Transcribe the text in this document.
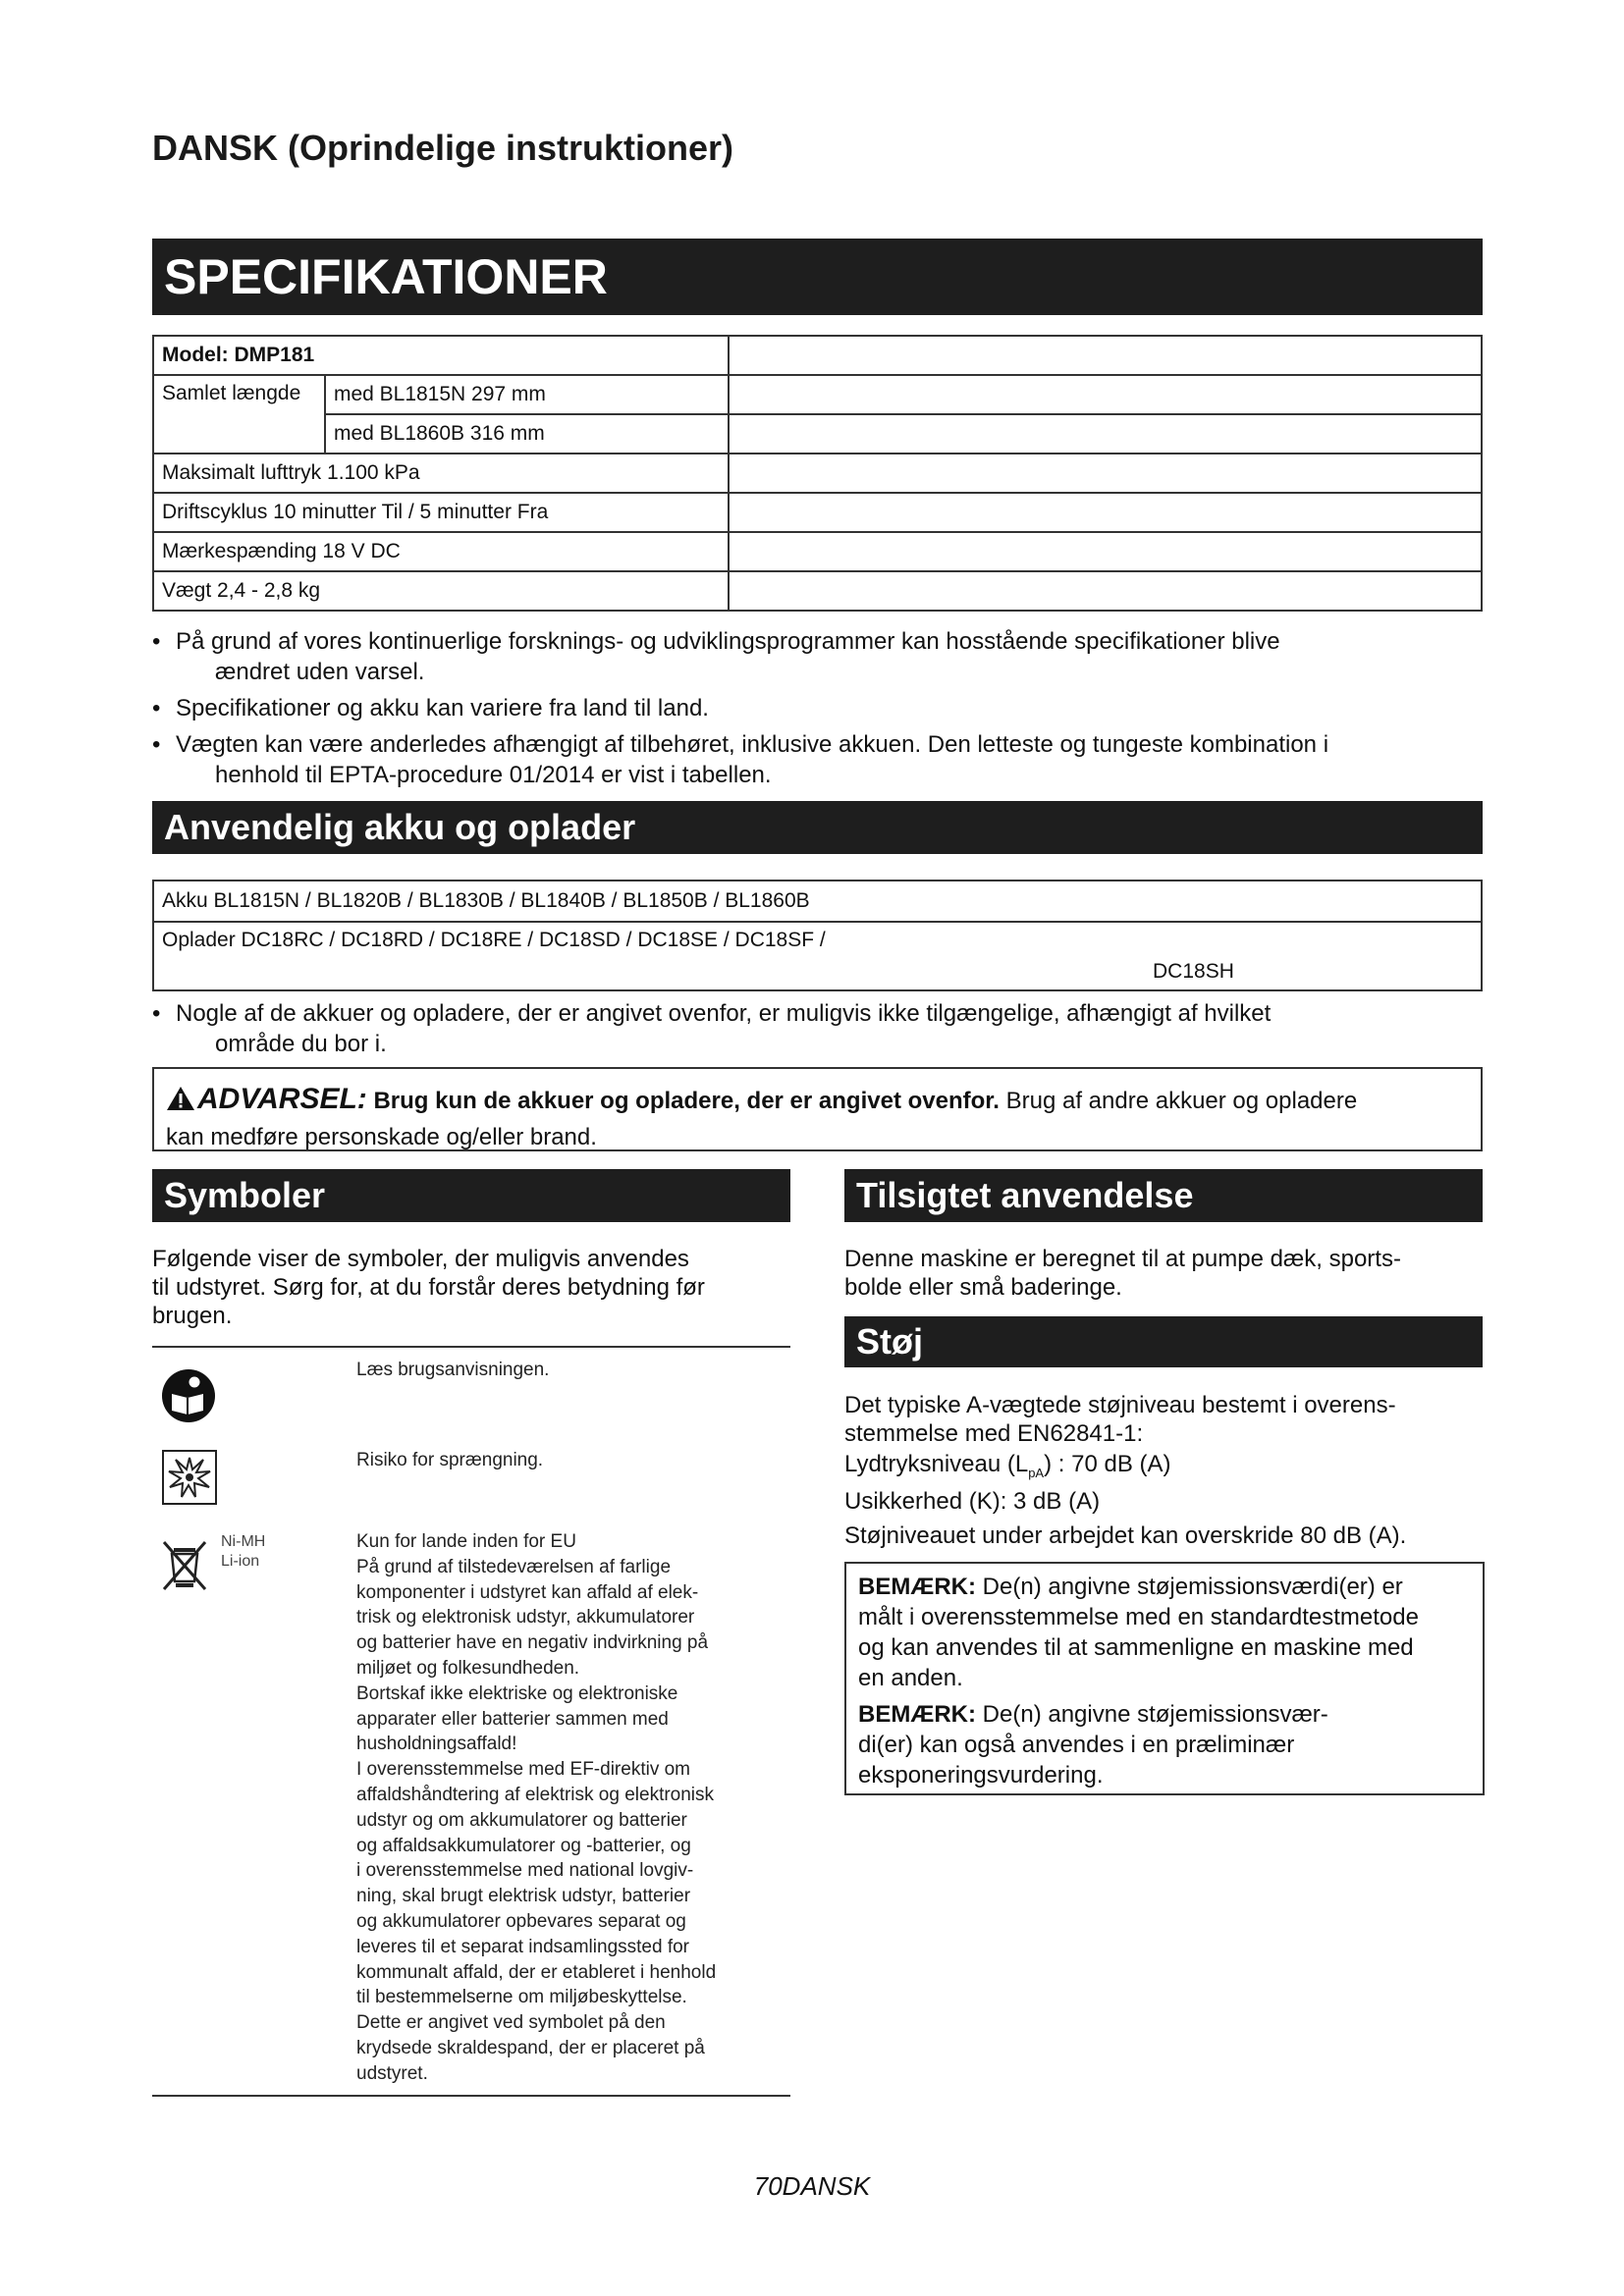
DANSK (Oprindelige instruktioner)
SPECIFIKATIONER
Model: DMP181		
Samlet længde	med BL1815N 297 mm	
	med BL1860B 316 mm	
Maksimalt lufttryk 1.100 kPa		
Driftscyklus 10 minutter Til / 5 minutter Fra		
Mærkespænding 18 V DC		
Vægt 2,4 - 2,8 kg		
• På grund af vores kontinuerlige forsknings- og udviklingsprogrammer kan hosstående specifikationer blive
ændret uden varsel.
• Specifikationer og akku kan variere fra land til land.
• Vægten kan være anderledes afhængigt af tilbehøret, inklusive akkuen. Den letteste og tungeste kombination i
henhold til EPTA-procedure 01/2014 er vist i tabellen.
Anvendelig akku og oplader
Akku BL1815N / BL1820B / BL1830B / BL1840B / BL1850B / BL1860B
Oplader DC18RC / DC18RD / DC18RE / DC18SD / DC18SE / DC18SF /
DC18SH
• Nogle af de akkuer og opladere, der er angivet ovenfor, er muligvis ikke tilgængelige, afhængigt af hvilket
område du bor i.
ADVARSEL: Brug kun de akkuer og opladere, der er angivet ovenfor. Brug af andre akkuer og opladere
kan medføre personskade og/eller brand.
Symboler
Følgende viser de symboler, der muligvis anvendes
til udstyret. Sørg for, at du forstår deres betydning før
brugen.
Læs brugsanvisningen.
Risiko for sprængning.
Ni-MH
Li-ion
Kun for lande inden for EU
På grund af tilstedeværelsen af farlige
komponenter i udstyret kan affald af elek-
trisk og elektronisk udstyr, akkumulatorer
og batterier have en negativ indvirkning på
miljøet og folkesundheden.
Bortskaf ikke elektriske og elektroniske
apparater eller batterier sammen med
husholdningsaffald!
I overensstemmelse med EF-direktiv om
affaldshåndtering af elektrisk og elektronisk
udstyr og om akkumulatorer og batterier
og affaldsakkumulatorer og -batterier, og
i overensstemmelse med national lovgiv-
ning, skal brugt elektrisk udstyr, batterier
og akkumulatorer opbevares separat og
leveres til et separat indsamlingssted for
kommunalt affald, der er etableret i henhold
til bestemmelserne om miljøbeskyttelse.
Dette er angivet ved symbolet på den
krydsede skraldespand, der er placeret på
udstyret.
Tilsigtet anvendelse
Denne maskine er beregnet til at pumpe dæk, sports-
bolde eller små baderinge.
Støj
Det typiske A-vægtede støjniveau bestemt i overens-
stemmelse med EN62841-1:
Lydtryksniveau $(L_{pA})$ : 70 dB (A)
Usikkerhed (K): 3 dB (A)
Støjniveauet under arbejdet kan overskride 80 dB (A).
BEMÆRK: De(n) angivne støjemissionsværdi(er) er
målt i overensstemmelse med en standardtestmetode
og kan anvendes til at sammenligne en maskine med
en anden.
BEMÆRK: De(n) angivne støjemissionsvær-
di(er) kan også anvendes i en præliminær
eksponeringsvurdering.
70DANSK
